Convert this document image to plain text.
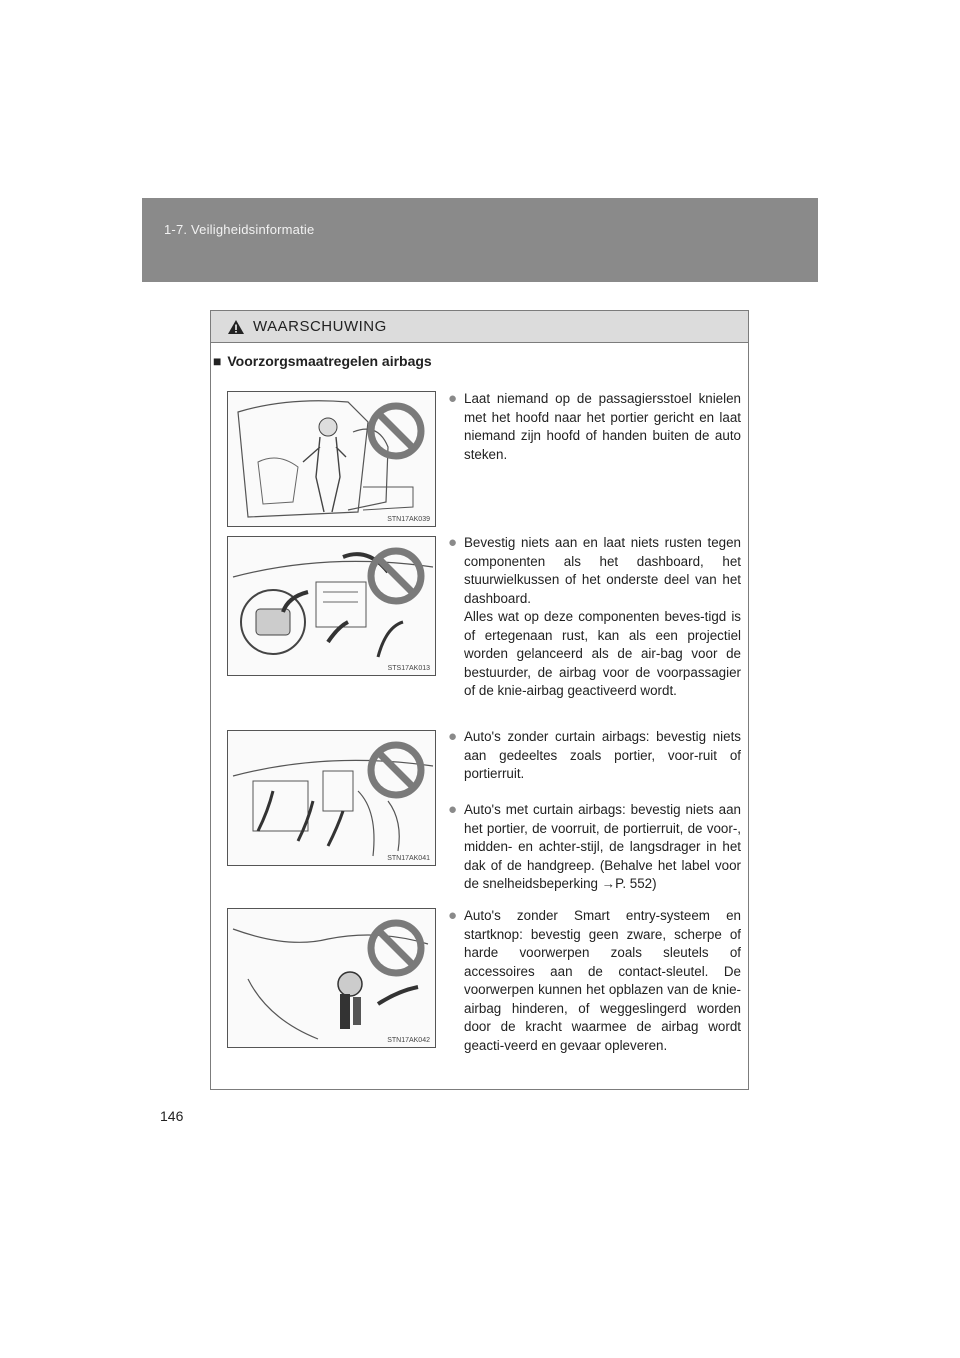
1-7. Veiligheidsinformatie
WAARSCHUWING
■ Voorzorgsmaatregelen airbags
STN17AK039
STS17AK013
STN17AK041
STN17AK042
● Laat niemand op de passagiersstoel knielen met het hoofd naar het portier gericht en laat niemand zijn hoofd of handen buiten de auto steken.
● Bevestig niets aan en laat niets rusten tegen componenten als het dashboard, het stuurwielkussen of het onderste deel van het dashboard.
Alles wat op deze componenten beves-tigd is of ertegenaan rust, kan als een projectiel worden gelanceerd als de air-bag voor de bestuurder, de airbag voor de voorpassagier of de knie-airbag geactiveerd wordt.
● Auto's zonder curtain airbags: bevestig niets aan gedeeltes zoals portier, voor-ruit of portierruit.
● Auto's met curtain airbags: bevestig niets aan het portier, de voorruit, de portierruit, de voor-, midden- en achter-stijl, de langsdrager in het dak of de handgreep. (Behalve het label voor de snelheidsbeperking →P. 552)
● Auto's zonder Smart entry-systeem en startknop: bevestig geen zware, scherpe of harde voorwerpen zoals sleutels of accessoires aan de contact-sleutel. De voorwerpen kunnen het opblazen van de knie-airbag hinderen, of weggeslingerd worden door de kracht waarmee de airbag wordt geacti-veerd en gevaar opleveren.
146
